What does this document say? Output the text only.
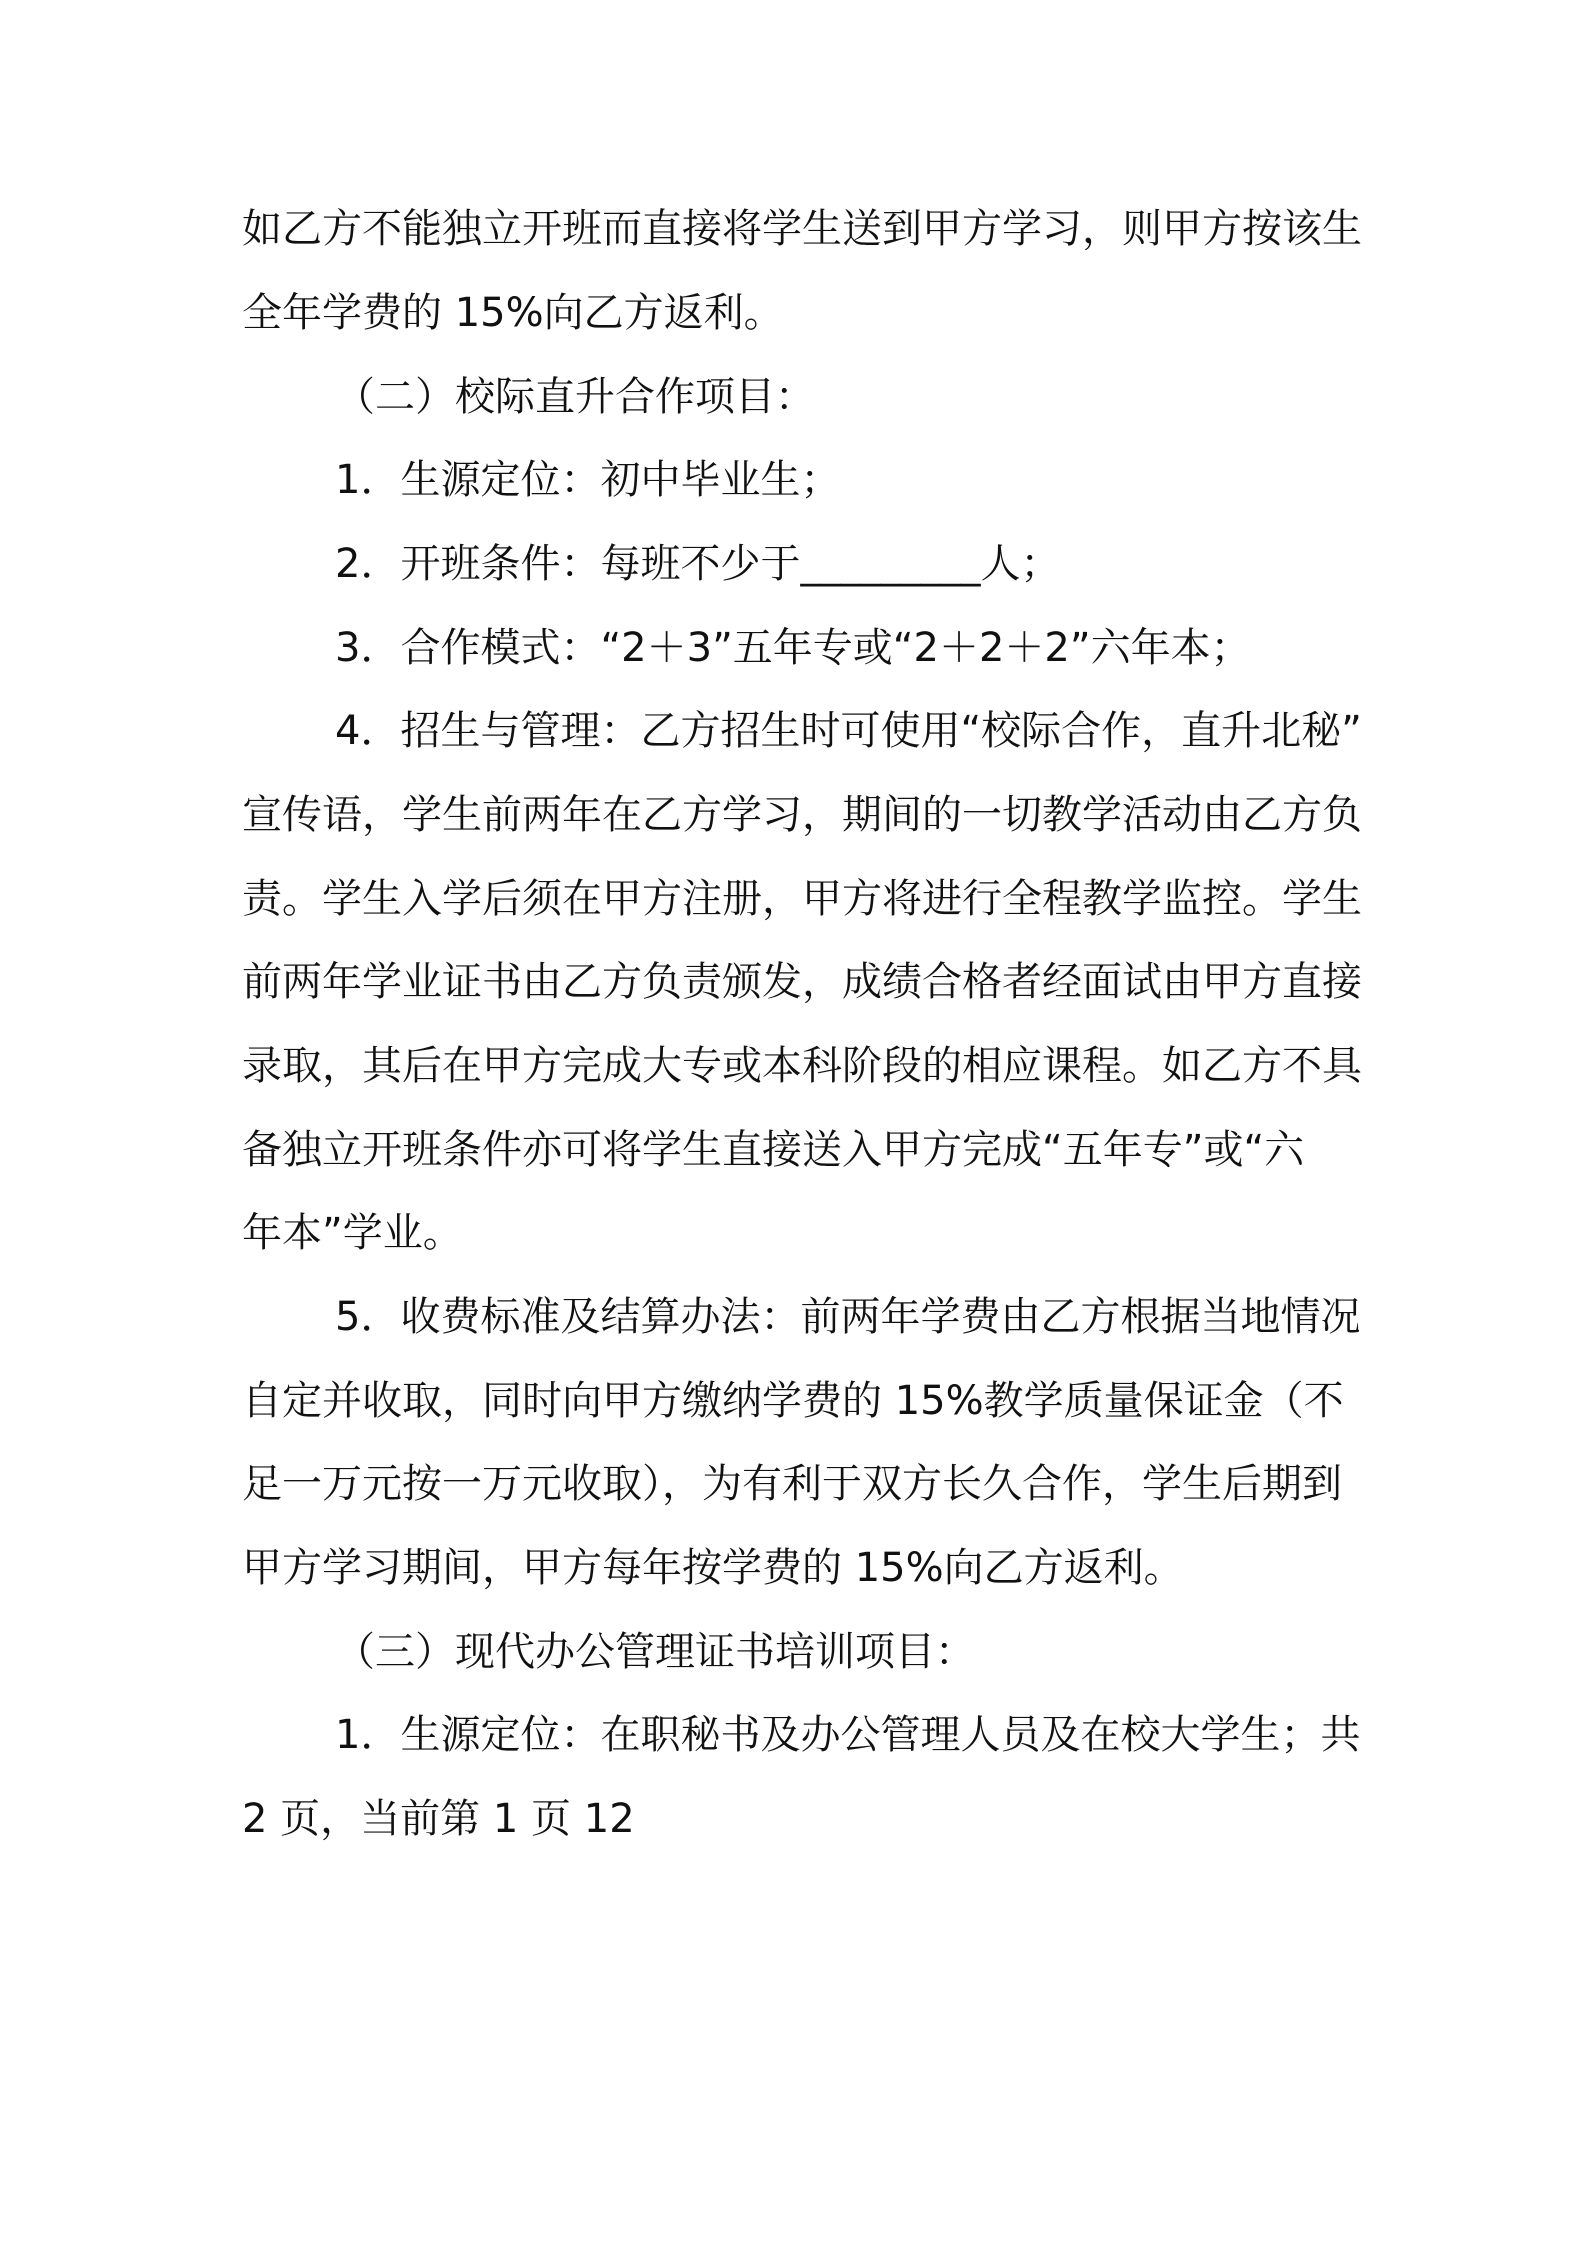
如乙方不能独立开班而直接将学生送到甲方学习，则甲方按该生
全年学费的 15%向乙方返利。
（二）校际直升合作项目：
1．生源定位：初中毕业生；
2．开班条件：每班不少于_________人；
3．合作模式：“2＋3”五年专或“2＋2＋2”六年本；
4．招生与管理：乙方招生时可使用“校际合作，直升北秘”
宣传语，学生前两年在乙方学习，期间的一切教学活动由乙方负
责。学生入学后须在甲方注册，甲方将进行全程教学监控。学生
前两年学业证书由乙方负责颁发，成绩合格者经面试由甲方直接
录取，其后在甲方完成大专或本科阶段的相应课程。如乙方不具
备独立开班条件亦可将学生直接送入甲方完成“五年专”或“六
年本”学业。
5．收费标准及结算办法：前两年学费由乙方根据当地情况
自定并收取，同时向甲方缴纳学费的 15%教学质量保证金（不
足一万元按一万元收取），为有利于双方长久合作，学生后期到
甲方学习期间，甲方每年按学费的 15%向乙方返利。
（三）现代办公管理证书培训项目：
1．生源定位：在职秘书及办公管理人员及在校大学生；共
2 页，当前第 1 页 12
